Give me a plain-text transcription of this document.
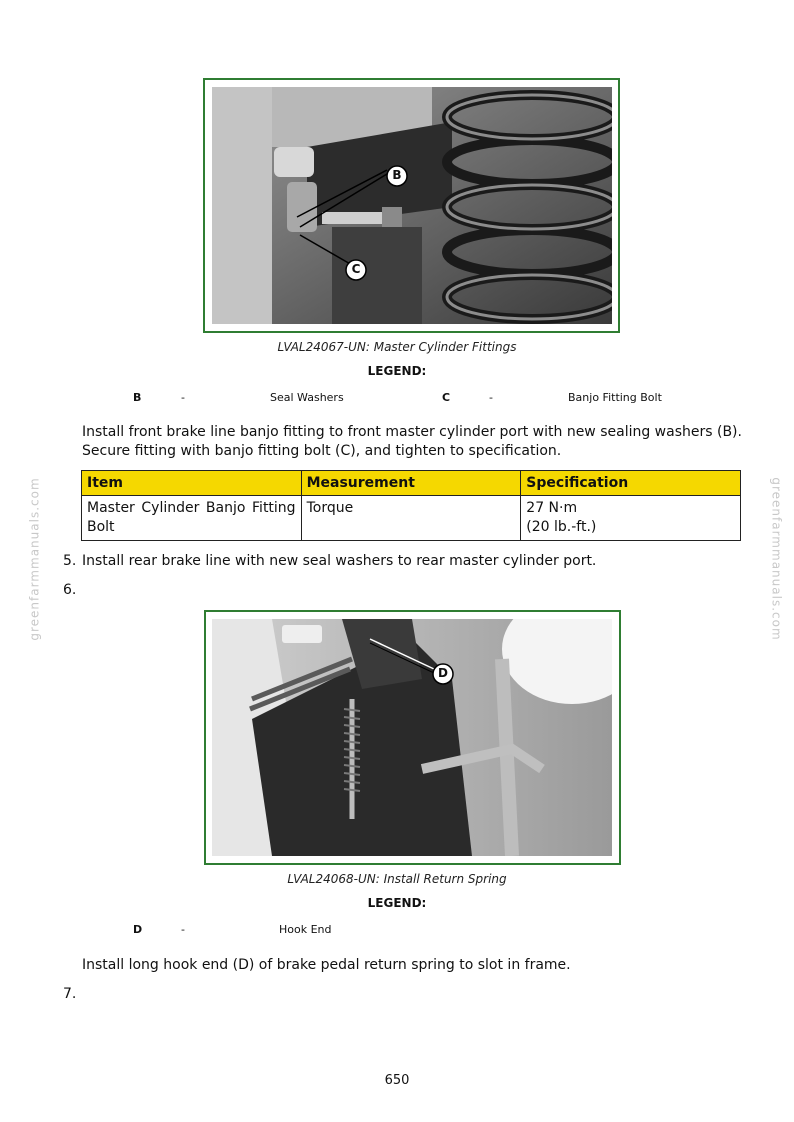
greenfarmmanuals.com	greenfarmmanuals.com
B
C
LVAL24067-UN: Master Cylinder Fittings
LEGEND:
B	-	Seal Washers	C	-	Banjo Fitting Bolt
Install front brake line banjo fitting to front master cylinder port with new sealing washers (B). Secure fitting with banjo fitting bolt (C), and tighten to specification.
Item	Measurement	Specification
Master Cylinder Banjo Fitting Bolt	Torque	27 N·m
(20 lb.-ft.)
5. Install rear brake line with new seal washers to rear master cylinder port.
6.
D
LVAL24068-UN: Install Return Spring
LEGEND:
D	-	Hook End
Install long hook end (D) of brake pedal return spring to slot in frame.
7.
650
